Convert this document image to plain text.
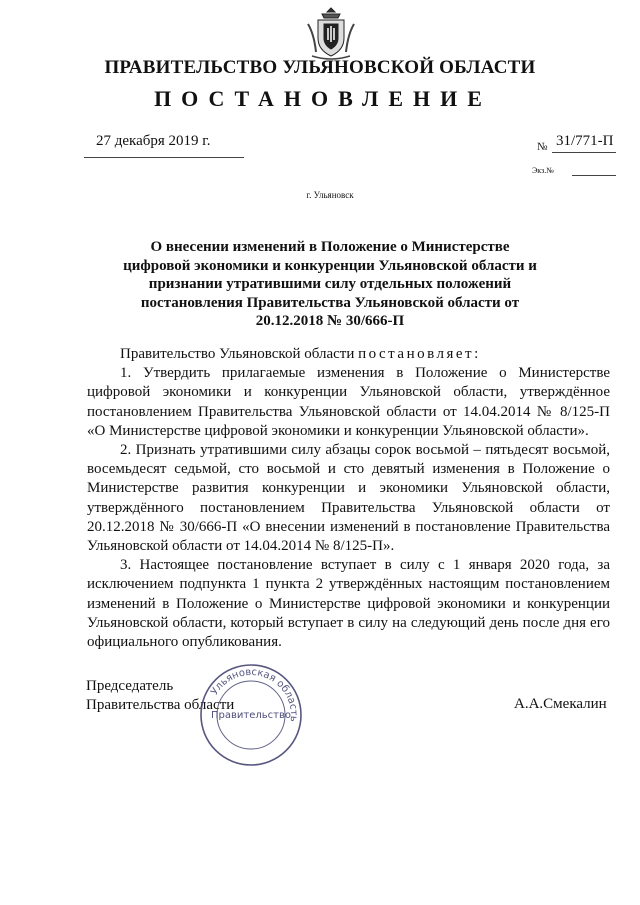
ПРАВИТЕЛЬСТВО УЛЬЯНОВСКОЙ ОБЛАСТИ
ПОСТАНОВЛЕНИЕ
27 декабря 2019 г.	№ 31/771-П
Экз.№
г. Ульяновск
О внесении изменений в Положение о Министерстве цифровой экономики и конкуренции Ульяновской области и признании утратившими силу отдельных положений постановления Правительства Ульяновской области от 20.12.2018 № 30/666-П

Правительство Ульяновской области постановляет:

1. Утвердить прилагаемые изменения в Положение о Министерстве цифровой экономики и конкуренции Ульяновской области, утверждённое постановлением Правительства Ульяновской области от 14.04.2014 № 8/125-П «О Министерстве цифровой экономики и конкуренции Ульяновской области».

2. Признать утратившими силу абзацы сорок восьмой – пятьдесят восьмой, восемьдесят седьмой, сто восьмой и сто девятый изменения в Положение о Министерстве развития конкуренции и экономики Ульяновской области, утверждённого постановлением Правительства Ульяновской области от 20.12.2018 № 30/666-П «О внесении изменений в постановление Правительства Ульяновской области от 14.04.2014 № 8/125-П».

3. Настоящее постановление вступает в силу с 1 января 2020 года, за исключением подпункта 1 пункта 2 утверждённых настоящим постановлением изменений в Положение о Министерстве цифровой экономики и конкуренции Ульяновской области, который вступает в силу на следующий день после дня его официального опубликования.

Председатель
Правительства области
Ульяновская область
Правительство
А.А.Смекалин
